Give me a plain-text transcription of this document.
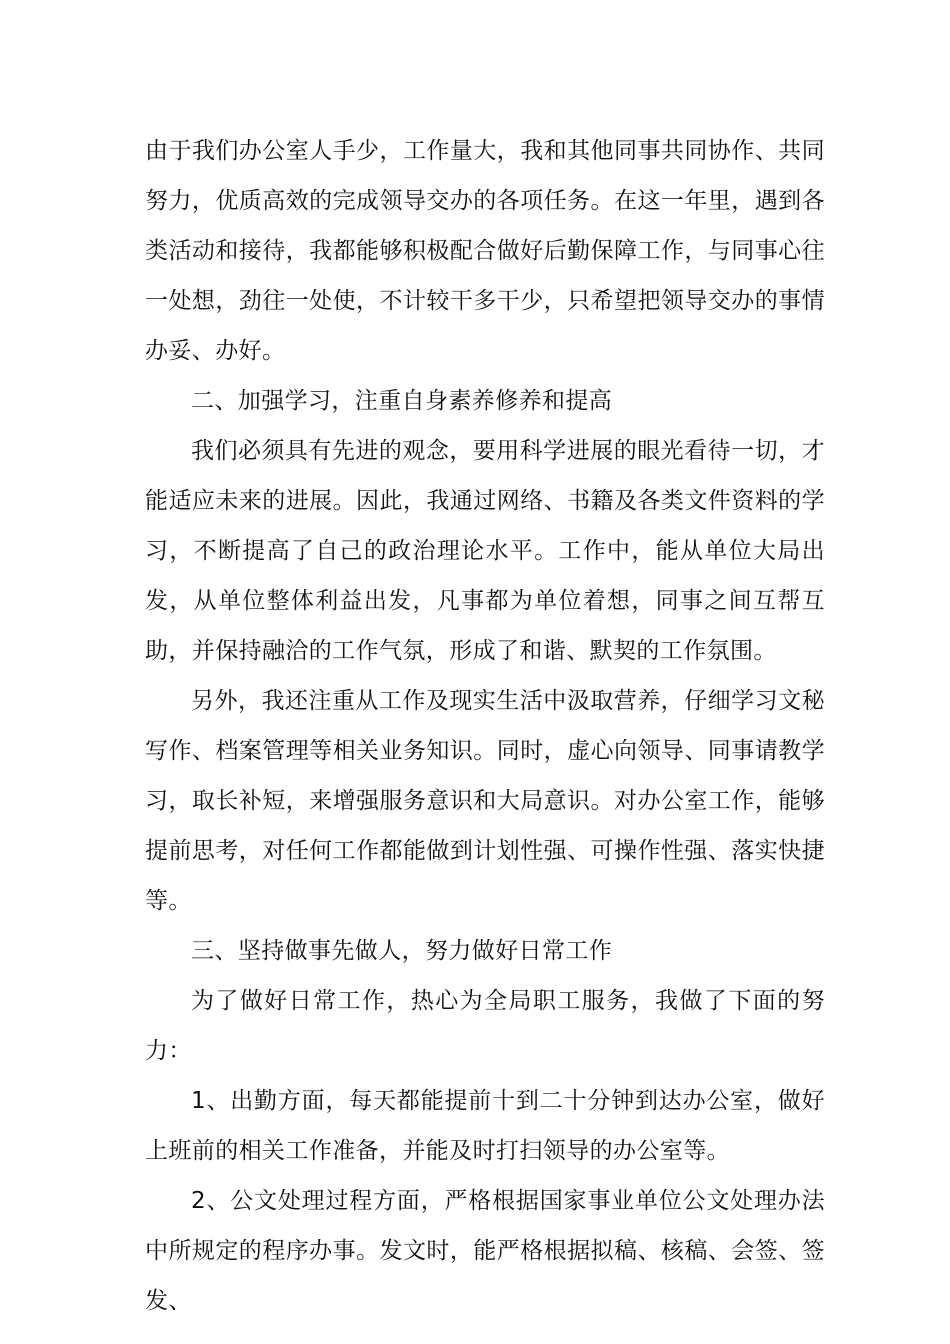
由于我们办公室人手少，工作量大，我和其他同事共同协作、共同努力，优质高效的完成领导交办的各项任务。在这一年里，遇到各类活动和接待，我都能够积极配合做好后勤保障工作，与同事心往一处想，劲往一处使，不计较干多干少，只希望把领导交办的事情办妥、办好。

二、加强学习，注重自身素养修养和提高

我们必须具有先进的观念，要用科学进展的眼光看待一切，才能适应未来的进展。因此，我通过网络、书籍及各类文件资料的学习，不断提高了自己的政治理论水平。工作中，能从单位大局出发，从单位整体利益出发，凡事都为单位着想，同事之间互帮互助，并保持融洽的工作气氛，形成了和谐、默契的工作氛围。

另外，我还注重从工作及现实生活中汲取营养，仔细学习文秘写作、档案管理等相关业务知识。同时，虚心向领导、同事请教学习，取长补短，来增强服务意识和大局意识。对办公室工作，能够提前思考，对任何工作都能做到计划性强、可操作性强、落实快捷等。

三、坚持做事先做人，努力做好日常工作

为了做好日常工作，热心为全局职工服务，我做了下面的努力：

1、出勤方面，每天都能提前十到二十分钟到达办公室，做好上班前的相关工作准备，并能及时打扫领导的办公室等。

2、公文处理过程方面，严格根据国家事业单位公文处理办法中所规定的程序办事。发文时，能严格根据拟稿、核稿、会签、签发、
